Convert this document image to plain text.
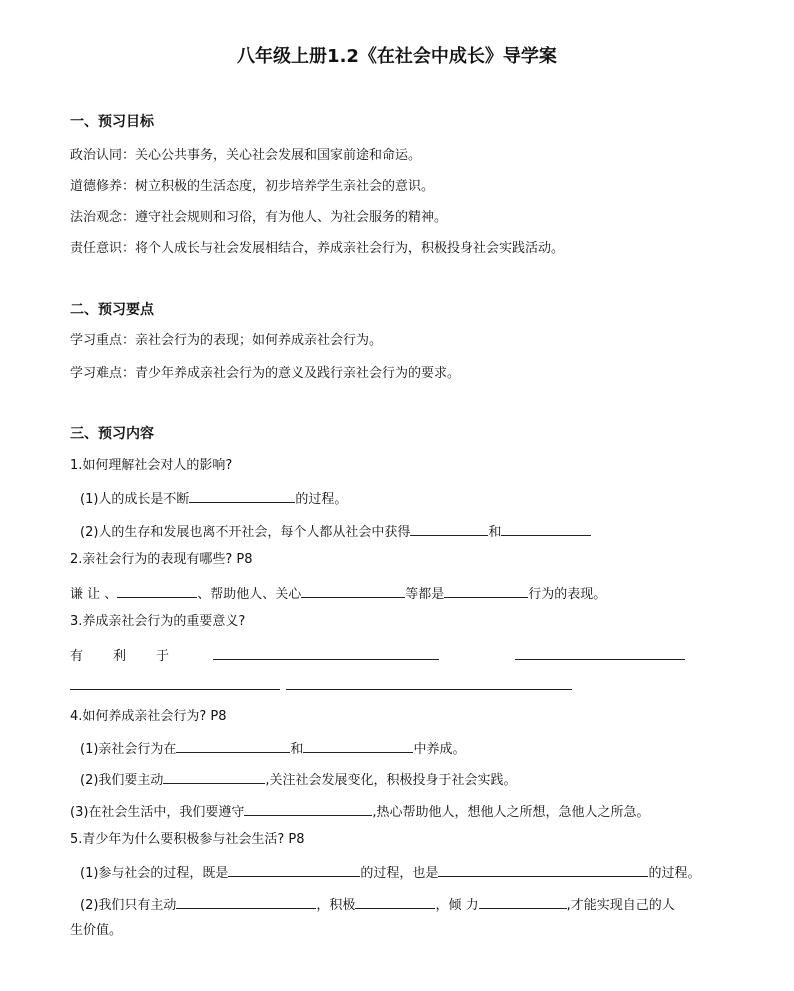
八年级上册1.2《在社会中成长》导学案
一、预习目标
政治认同：关心公共事务，关心社会发展和国家前途和命运。
道德修养：树立积极的生活态度，初步培养学生亲社会的意识。
法治观念：遵守社会规则和习俗，有为他人、为社会服务的精神。
责任意识：将个人成长与社会发展相结合，养成亲社会行为，积极投身社会实践活动。
二、预习要点
学习重点：亲社会行为的表现；如何养成亲社会行为。
学习难点：青少年养成亲社会行为的意义及践行亲社会行为的要求。
三、预习内容
1.如何理解社会对人的影响?
(1)人的成长是不断	的过程。
(2)人的生存和发展也离不开社会，每个人都从社会中获得	和
2.亲社会行为的表现有哪些? P8
谦 让 、	、帮助他人、关心	等都是	行为的表现。
3.养成亲社会行为的重要意义?
有 利 于
4.如何养成亲社会行为? P8
(1)亲社会行为在	和	中养成。
(2)我们要主动	,关注社会发展变化，积极投身于社会实践。
(3)在社会生活中，我们要遵守	,热心帮助他人，想他人之所想，急他人之所急。
5.青少年为什么要积极参与社会生活? P8
(1)参与社会的过程，既是	的过程，也是	的过程。
(2)我们只有主动	，积极	，倾 力	,才能实现自己的人
生价值。
